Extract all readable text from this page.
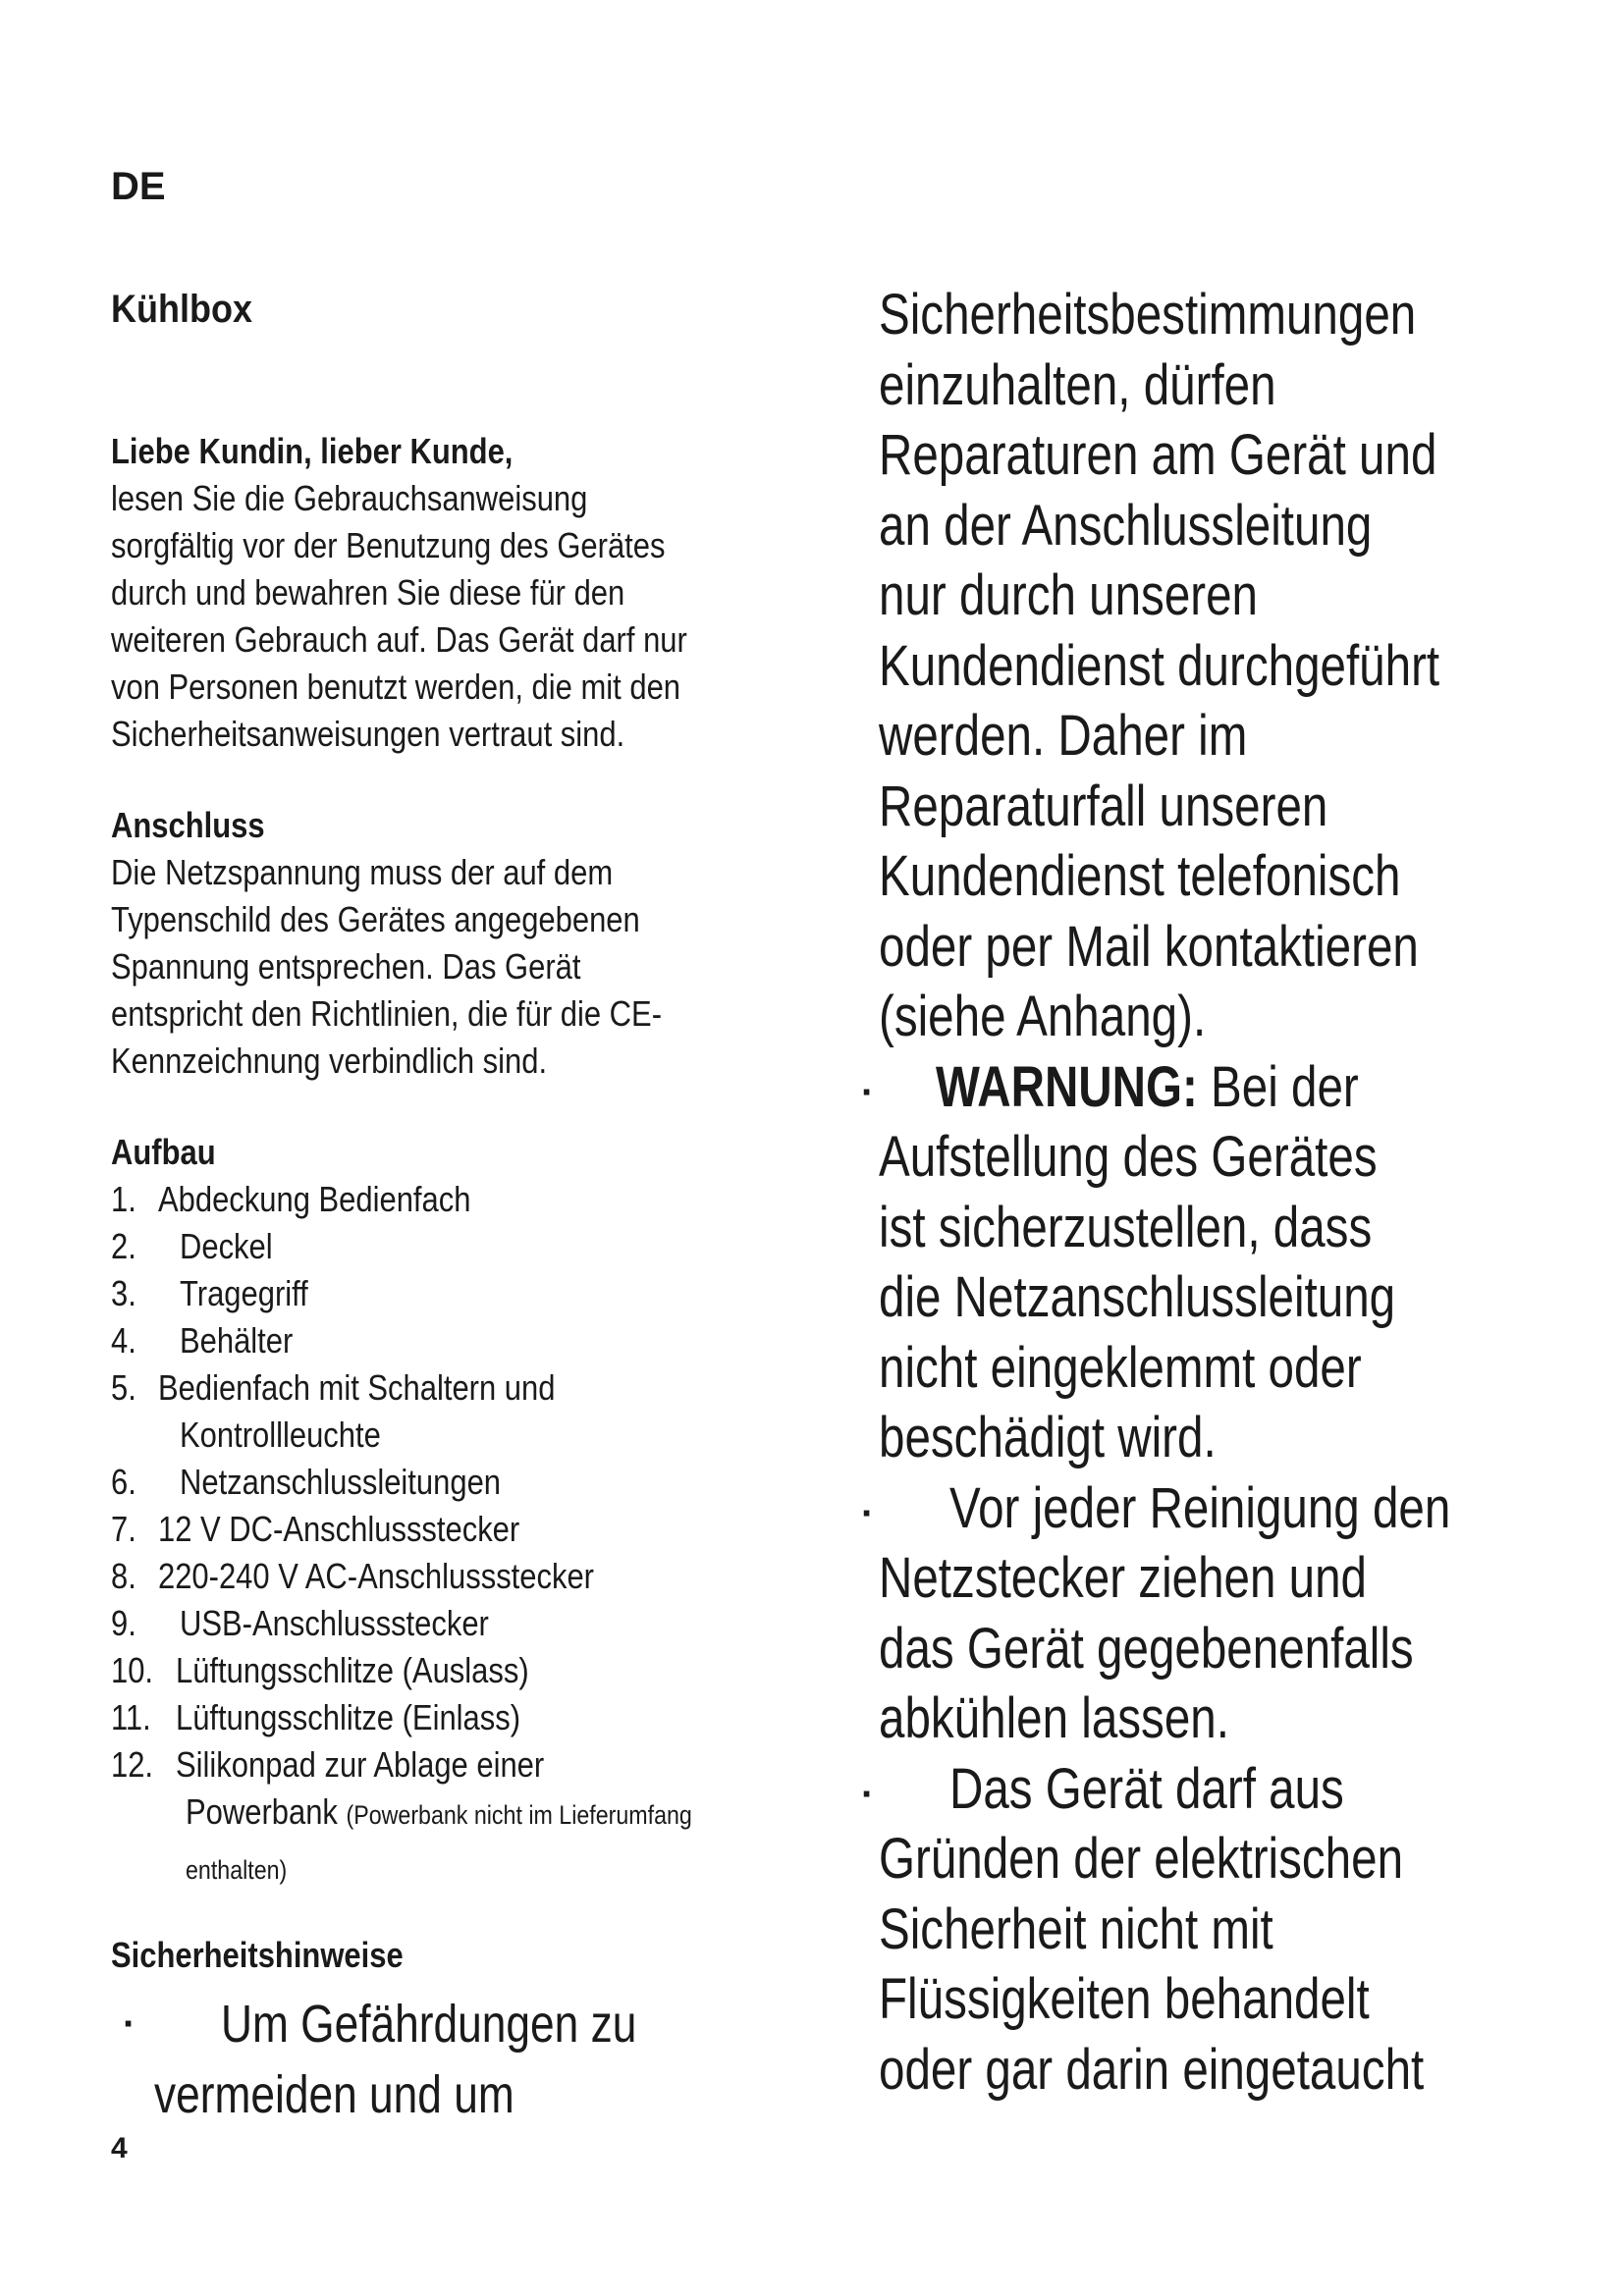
DE
Kühlbox
Liebe Kundin, lieber Kunde,
lesen Sie die Gebrauchsanweisung
sorgfältig vor der Benutzung des Gerätes
durch und bewahren Sie diese für den
weiteren Gebrauch auf. Das Gerät darf nur
von Personen benutzt werden, die mit den
Sicherheitsanweisungen vertraut sind.
Anschluss
Die Netzspannung muss der auf dem
Typenschild des Gerätes angegebenen
Spannung entsprechen. Das Gerät
entspricht den Richtlinien, die für die CE-
Kennzeichnung verbindlich sind.
Aufbau
1. Abdeckung Bedienfach
2. Deckel
3. Tragegriff
4. Behälter
5. Bedienfach mit Schaltern und
Kontrollleuchte
6. Netzanschlussleitungen
7. 12 V DC-Anschlussstecker
8. 220-240 V AC-Anschlussstecker
9. USB-Anschlussstecker
10. Lüftungsschlitze (Auslass)
11. Lüftungsschlitze (Einlass)
12. Silikonpad zur Ablage einer
Powerbank (Powerbank nicht im Lieferumfang
enthalten)
Sicherheitshinweise
· Um Gefährdungen zu
vermeiden und um
Sicherheitsbestimmungen
einzuhalten, dürfen
Reparaturen am Gerät und
an der Anschlussleitung
nur durch unseren
Kundendienst durchgeführt
werden. Daher im
Reparaturfall unseren
Kundendienst telefonisch
oder per Mail kontaktieren
(siehe Anhang).
· WARNUNG: Bei der
Aufstellung des Gerätes
ist sicherzustellen, dass
die Netzanschlussleitung
nicht eingeklemmt oder
beschädigt wird.
· Vor jeder Reinigung den
Netzstecker ziehen und
das Gerät gegebenenfalls
abkühlen lassen.
· Das Gerät darf aus
Gründen der elektrischen
Sicherheit nicht mit
Flüssigkeiten behandelt
oder gar darin eingetaucht
4
